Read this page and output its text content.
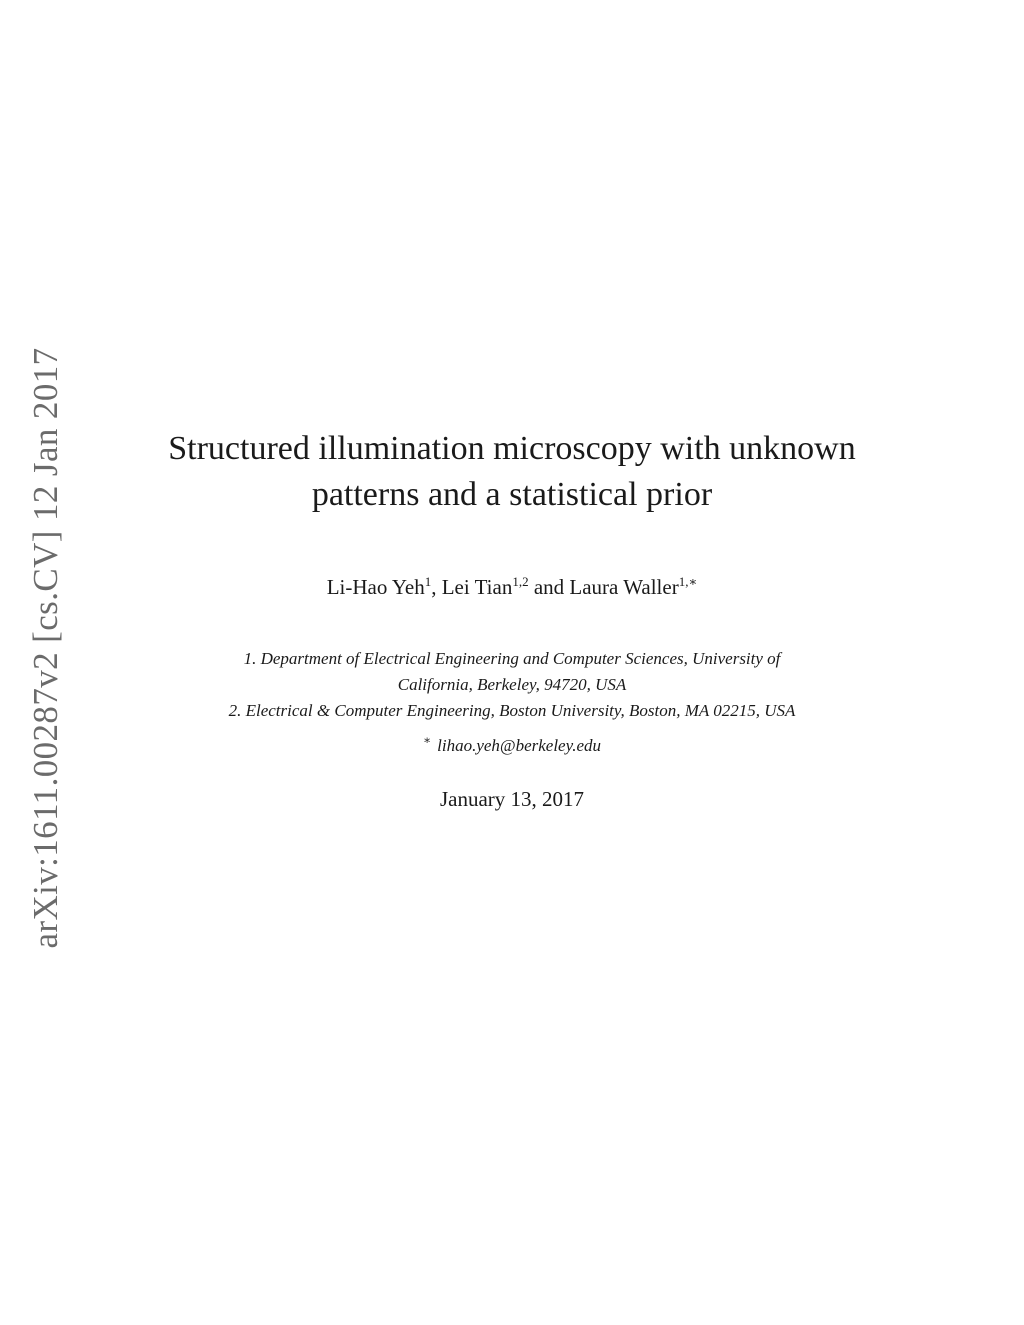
arXiv:1611.00287v2 [cs.CV] 12 Jan 2017	Structured illumination microscopy with unknown
patterns and a statistical prior
Li-Hao Yeh$^1$, Lei Tian$^{1,2}$ and Laura Waller$^{1,∗}$
1. Department of Electrical Engineering and Computer Sciences, University of
California, Berkeley, 94720, USA
2. Electrical & Computer Engineering, Boston University, Boston, MA 02215, USA
∗ lihao.yeh@berkeley.edu
January 13, 2017
